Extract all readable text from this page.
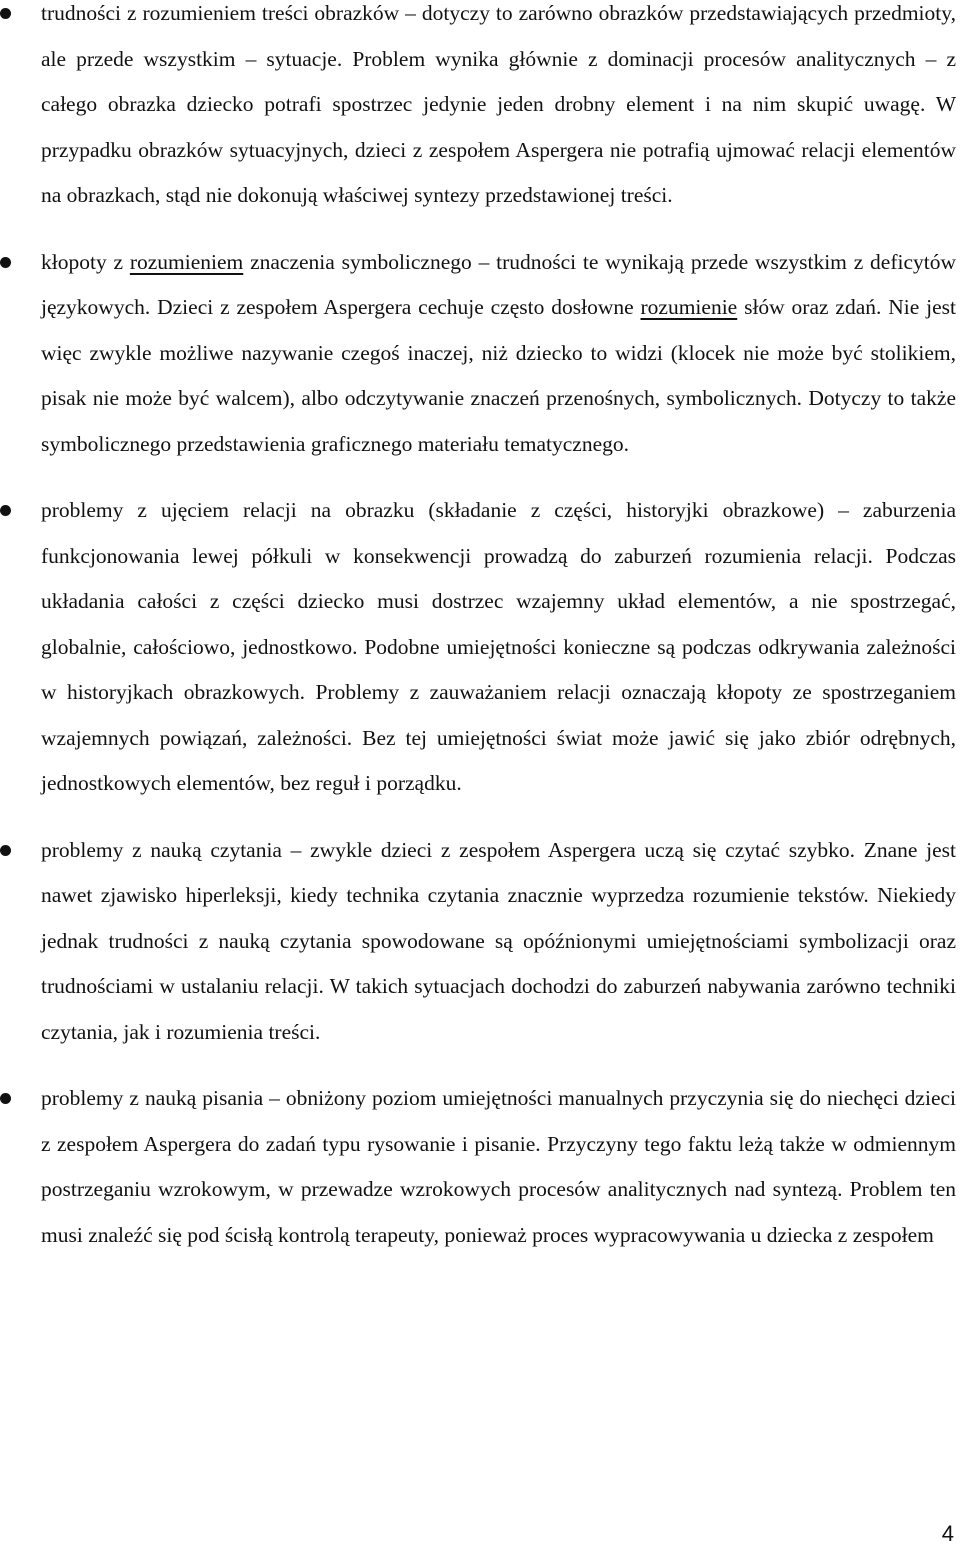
trudności z rozumieniem treści obrazków – dotyczy to zarówno obrazków przedstawiających przedmioty, ale przede wszystkim – sytuacje. Problem wynika głównie z dominacji procesów analitycznych – z całego obrazka dziecko potrafi spostrzec jedynie jeden drobny element i na nim skupić uwagę. W przypadku obrazków sytuacyjnych, dzieci z zespołem Aspergera nie potrafią ujmować relacji elementów na obrazkach, stąd nie dokonują właściwej syntezy przedstawionej treści.
kłopoty z rozumieniem znaczenia symbolicznego – trudności te wynikają przede wszystkim z deficytów językowych. Dzieci z zespołem Aspergera cechuje często dosłowne rozumienie słów oraz zdań. Nie jest więc zwykle możliwe nazywanie czegoś inaczej, niż dziecko to widzi (klocek nie może być stolikiem, pisak nie może być walcem), albo odczytywanie znaczeń przenośnych, symbolicznych. Dotyczy to także symbolicznego przedstawienia graficznego materiału tematycznego.
problemy z ujęciem relacji na obrazku (składanie z części, historyjki obrazkowe) – zaburzenia funkcjonowania lewej półkuli w konsekwencji prowadzą do zaburzeń rozumienia relacji. Podczas układania całości z części dziecko musi dostrzec wzajemny układ elementów, a nie spostrzegać, globalnie, całościowo, jednostkowo. Podobne umiejętności konieczne są podczas odkrywania zależności w historyjkach obrazkowych. Problemy z zauważaniem relacji oznaczają kłopoty ze spostrzeganiem wzajemnych powiązań, zależności. Bez tej umiejętności świat może jawić się jako zbiór odrębnych, jednostkowych elementów, bez reguł i porządku.
problemy z nauką czytania – zwykle dzieci z zespołem Aspergera uczą się czytać szybko. Znane jest nawet zjawisko hiperleksji, kiedy technika czytania znacznie wyprzedza rozumienie tekstów. Niekiedy jednak trudności z nauką czytania spowodowane są opóźnionymi umiejętnościami symbolizacji oraz trudnościami w ustalaniu relacji. W takich sytuacjach dochodzi do zaburzeń nabywania zarówno techniki czytania, jak i rozumienia treści.
problemy z nauką pisania – obniżony poziom umiejętności manualnych przyczynia się do niechęci dzieci z zespołem Aspergera do zadań typu rysowanie i pisanie. Przyczyny tego faktu leżą także w odmiennym postrzeganiu wzrokowym, w przewadze wzrokowych procesów analitycznych nad syntezą. Problem ten musi znaleźć się pod ścisłą kontrolą terapeuty, ponieważ proces wypracowywania u dziecka z zespołem
4
